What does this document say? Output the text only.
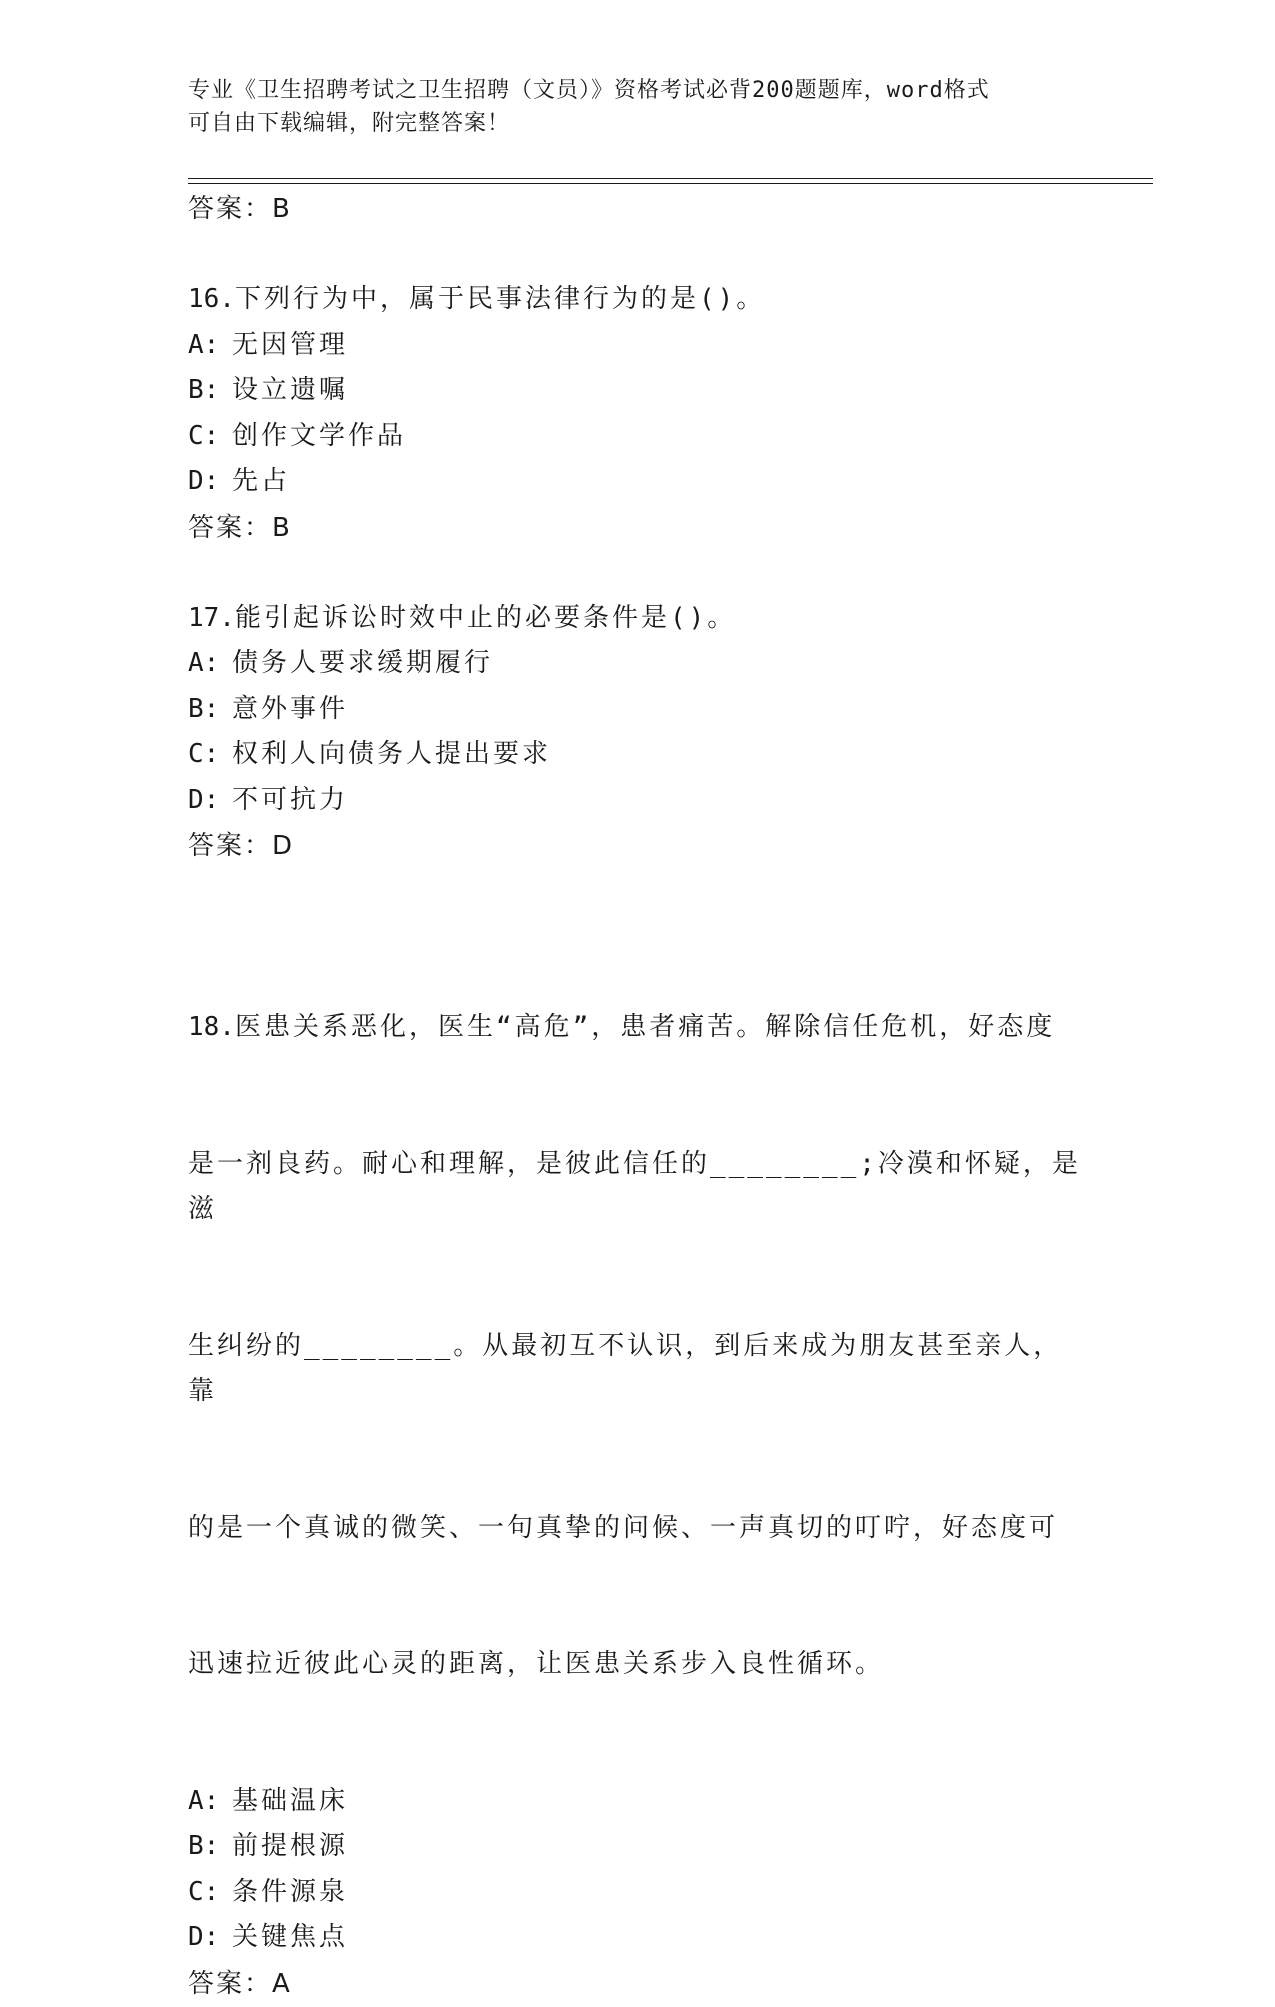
专业《卫生招聘考试之卫生招聘（文员）》资格考试必背200题题库，word格式
可自由下载编辑，附完整答案！
答案：B
16.下列行为中，属于民事法律行为的是()。
A: 无因管理
B: 设立遗嘱
C: 创作文学作品
D: 先占
答案：B
17.能引起诉讼时效中止的必要条件是()。
A: 债务人要求缓期履行
B: 意外事件
C: 权利人向债务人提出要求
D: 不可抗力
答案：D

18.医患关系恶化，医生“高危”，患者痛苦。解除信任危机，好态度

是一剂良药。耐心和理解，是彼此信任的________;冷漠和怀疑，是滋

生纠纷的________。从最初互不认识，到后来成为朋友甚至亲人，靠

的是一个真诚的微笑、一句真挚的问候、一声真切的叮咛，好态度可

迅速拉近彼此心灵的距离，让医患关系步入良性循环。

A: 基础温床
B: 前提根源
C: 条件源泉
D: 关键焦点
答案：A
